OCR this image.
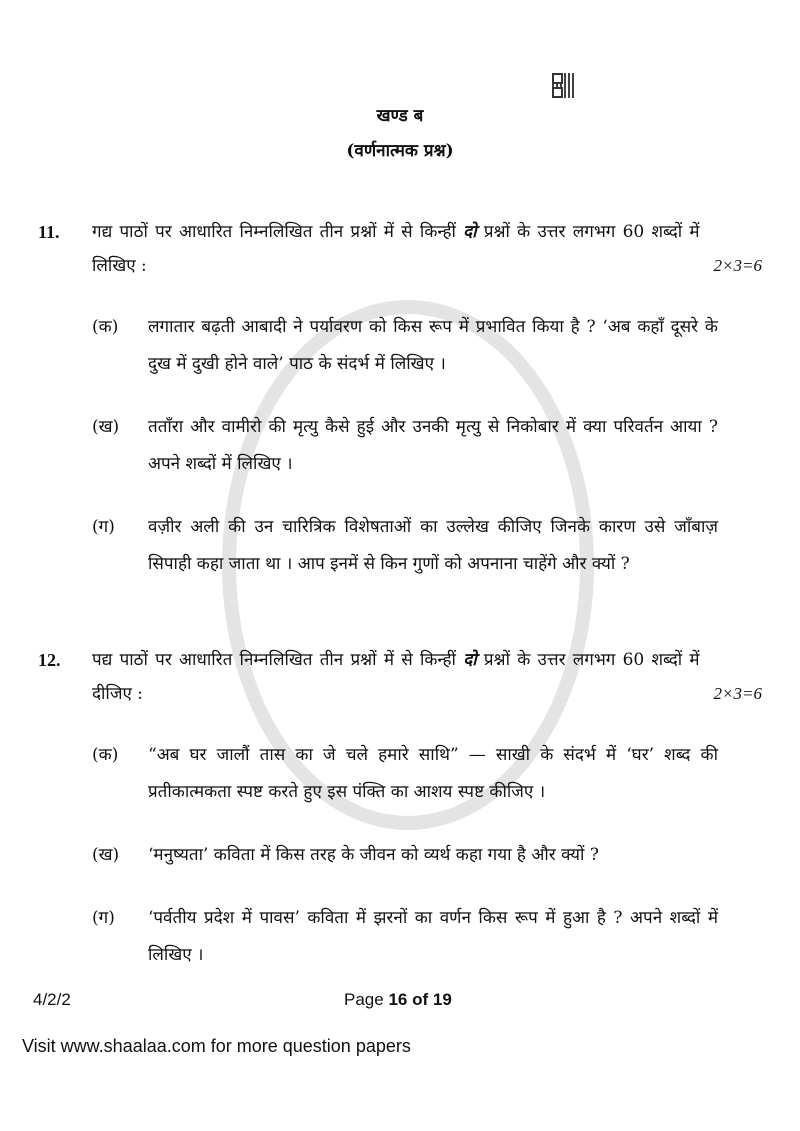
खण्ड ब
(वर्णनात्मक प्रश्न)
11.	गद्य पाठों पर आधारित निम्नलिखित तीन प्रश्नों में से किन्हीं दो प्रश्नों के उत्तर लगभग 60 शब्दों में लिखिए :	2×3=6
(क)	लगातार बढ़ती आबादी ने पर्यावरण को किस रूप में प्रभावित किया है ? ‘अब कहाँ दूसरे के दुख में दुखी होने वाले’ पाठ के संदर्भ में लिखिए ।
(ख)	तताँरा और वामीरो की मृत्यु कैसे हुई और उनकी मृत्यु से निकोबार में क्या परिवर्तन आया ? अपने शब्दों में लिखिए ।
(ग)	वज़ीर अली की उन चारित्रिक विशेषताओं का उल्लेख कीजिए जिनके कारण उसे जाँबाज़ सिपाही कहा जाता था । आप इनमें से किन गुणों को अपनाना चाहेंगे और क्यों ?
12.	पद्य पाठों पर आधारित निम्नलिखित तीन प्रश्नों में से किन्हीं दो प्रश्नों के उत्तर लगभग 60 शब्दों में दीजिए :	2×3=6
(क)	“अब घर जालौं तास का जे चले हमारे साथि” — साखी के संदर्भ में ‘घर’ शब्द की प्रतीकात्मकता स्पष्ट करते हुए इस पंक्ति का आशय स्पष्ट कीजिए ।
(ख)	‘मनुष्यता’ कविता में किस तरह के जीवन को व्यर्थ कहा गया है और क्यों ?
(ग)	‘पर्वतीय प्रदेश में पावस’ कविता में झरनों का वर्णन किस रूप में हुआ है ? अपने शब्दों में लिखिए ।
4/2/2	Page 16 of 19
Visit www.shaalaa.com for more question papers
